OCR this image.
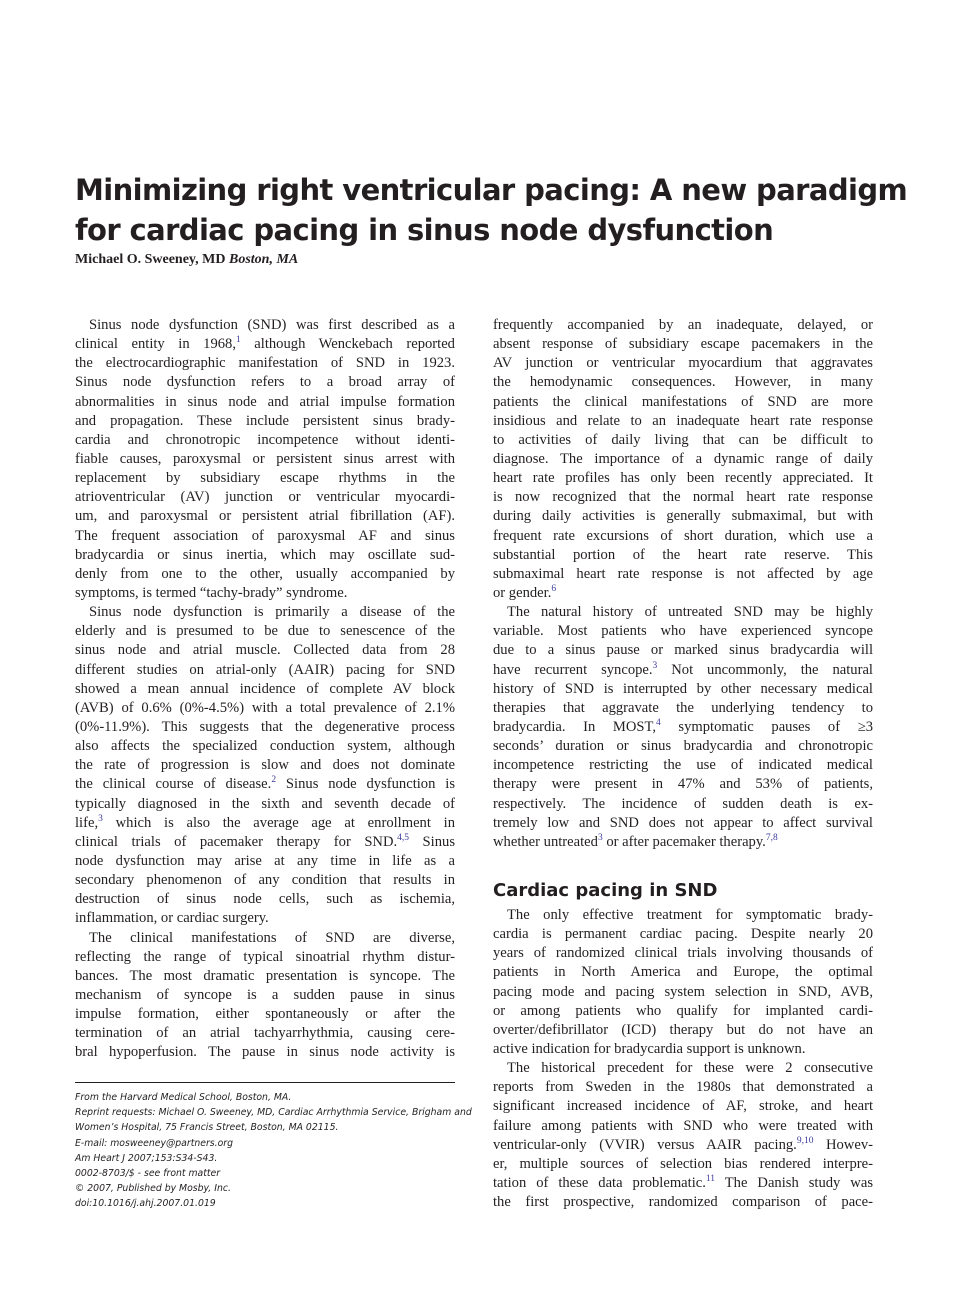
Minimizing right ventricular pacing: A new paradigm
for cardiac pacing in sinus node dysfunction
Michael O. Sweeney, MD Boston, MA
Sinus node dysfunction (SND) was first described as a
clinical entity in 1968,$^1$ although Wenckebach reported
the electrocardiographic manifestation of SND in 1923.
Sinus node dysfunction refers to a broad array of
abnormalities in sinus node and atrial impulse formation
and propagation. These include persistent sinus brady-
cardia and chronotropic incompetence without identi-
fiable causes, paroxysmal or persistent sinus arrest with
replacement by subsidiary escape rhythms in the
atrioventricular (AV) junction or ventricular myocardi-
um, and paroxysmal or persistent atrial fibrillation (AF).
The frequent association of paroxysmal AF and sinus
bradycardia or sinus inertia, which may oscillate sud-
denly from one to the other, usually accompanied by
symptoms, is termed “tachy-brady” syndrome.
Sinus node dysfunction is primarily a disease of the
elderly and is presumed to be due to senescence of the
sinus node and atrial muscle. Collected data from 28
different studies on atrial-only (AAIR) pacing for SND
showed a mean annual incidence of complete AV block
(AVB) of 0.6% (0%-4.5%) with a total prevalence of 2.1%
(0%-11.9%). This suggests that the degenerative process
also affects the specialized conduction system, although
the rate of progression is slow and does not dominate
the clinical course of disease.$^2$ Sinus node dysfunction is
typically diagnosed in the sixth and seventh decade of
life,$^3$ which is also the average age at enrollment in
clinical trials of pacemaker therapy for SND.$^{4,5}$ Sinus
node dysfunction may arise at any time in life as a
secondary phenomenon of any condition that results in
destruction of sinus node cells, such as ischemia,
inflammation, or cardiac surgery.
The clinical manifestations of SND are diverse,
reflecting the range of typical sinoatrial rhythm distur-
bances. The most dramatic presentation is syncope. The
mechanism of syncope is a sudden pause in sinus
impulse formation, either spontaneously or after the
termination of an atrial tachyarrhythmia, causing cere-
bral hypoperfusion. The pause in sinus node activity is
frequently accompanied by an inadequate, delayed, or
absent response of subsidiary escape pacemakers in the
AV junction or ventricular myocardium that aggravates
the hemodynamic consequences. However, in many
patients the clinical manifestations of SND are more
insidious and relate to an inadequate heart rate response
to activities of daily living that can be difficult to
diagnose. The importance of a dynamic range of daily
heart rate profiles has only been recently appreciated. It
is now recognized that the normal heart rate response
during daily activities is generally submaximal, but with
frequent rate excursions of short duration, which use a
substantial portion of the heart rate reserve. This
submaximal heart rate response is not affected by age
or gender.$^6$
The natural history of untreated SND may be highly
variable. Most patients who have experienced syncope
due to a sinus pause or marked sinus bradycardia will
have recurrent syncope.$^3$ Not uncommonly, the natural
history of SND is interrupted by other necessary medical
therapies that aggravate the underlying tendency to
bradycardia. In MOST,$^4$ symptomatic pauses of ≥3
seconds’ duration or sinus bradycardia and chronotropic
incompetence restricting the use of indicated medical
therapy were present in 47% and 53% of patients,
respectively. The incidence of sudden death is ex-
tremely low and SND does not appear to affect survival
whether untreated$^3$ or after pacemaker therapy.$^{7,8}$
Cardiac pacing in SND
The only effective treatment for symptomatic brady-
cardia is permanent cardiac pacing. Despite nearly 20
years of randomized clinical trials involving thousands of
patients in North America and Europe, the optimal
pacing mode and pacing system selection in SND, AVB,
or among patients who qualify for implanted cardi-
overter/defibrillator (ICD) therapy but do not have an
active indication for bradycardia support is unknown.
The historical precedent for these were 2 consecutive
reports from Sweden in the 1980s that demonstrated a
significant increased incidence of AF, stroke, and heart
failure among patients with SND who were treated with
ventricular-only (VVIR) versus AAIR pacing.$^{9,10}$ Howev-
er, multiple sources of selection bias rendered interpre-
tation of these data problematic.$^{11}$ The Danish study was
the first prospective, randomized comparison of pace-
From the Harvard Medical School, Boston, MA.
Reprint requests: Michael O. Sweeney, MD, Cardiac Arrhythmia Service, Brigham and
Women’s Hospital, 75 Francis Street, Boston, MA 02115.
E-mail: mosweeney@partners.org
Am Heart J 2007;153:S34-S43.
0002-8703/$ - see front matter
© 2007, Published by Mosby, Inc.
doi:10.1016/j.ahj.2007.01.019
